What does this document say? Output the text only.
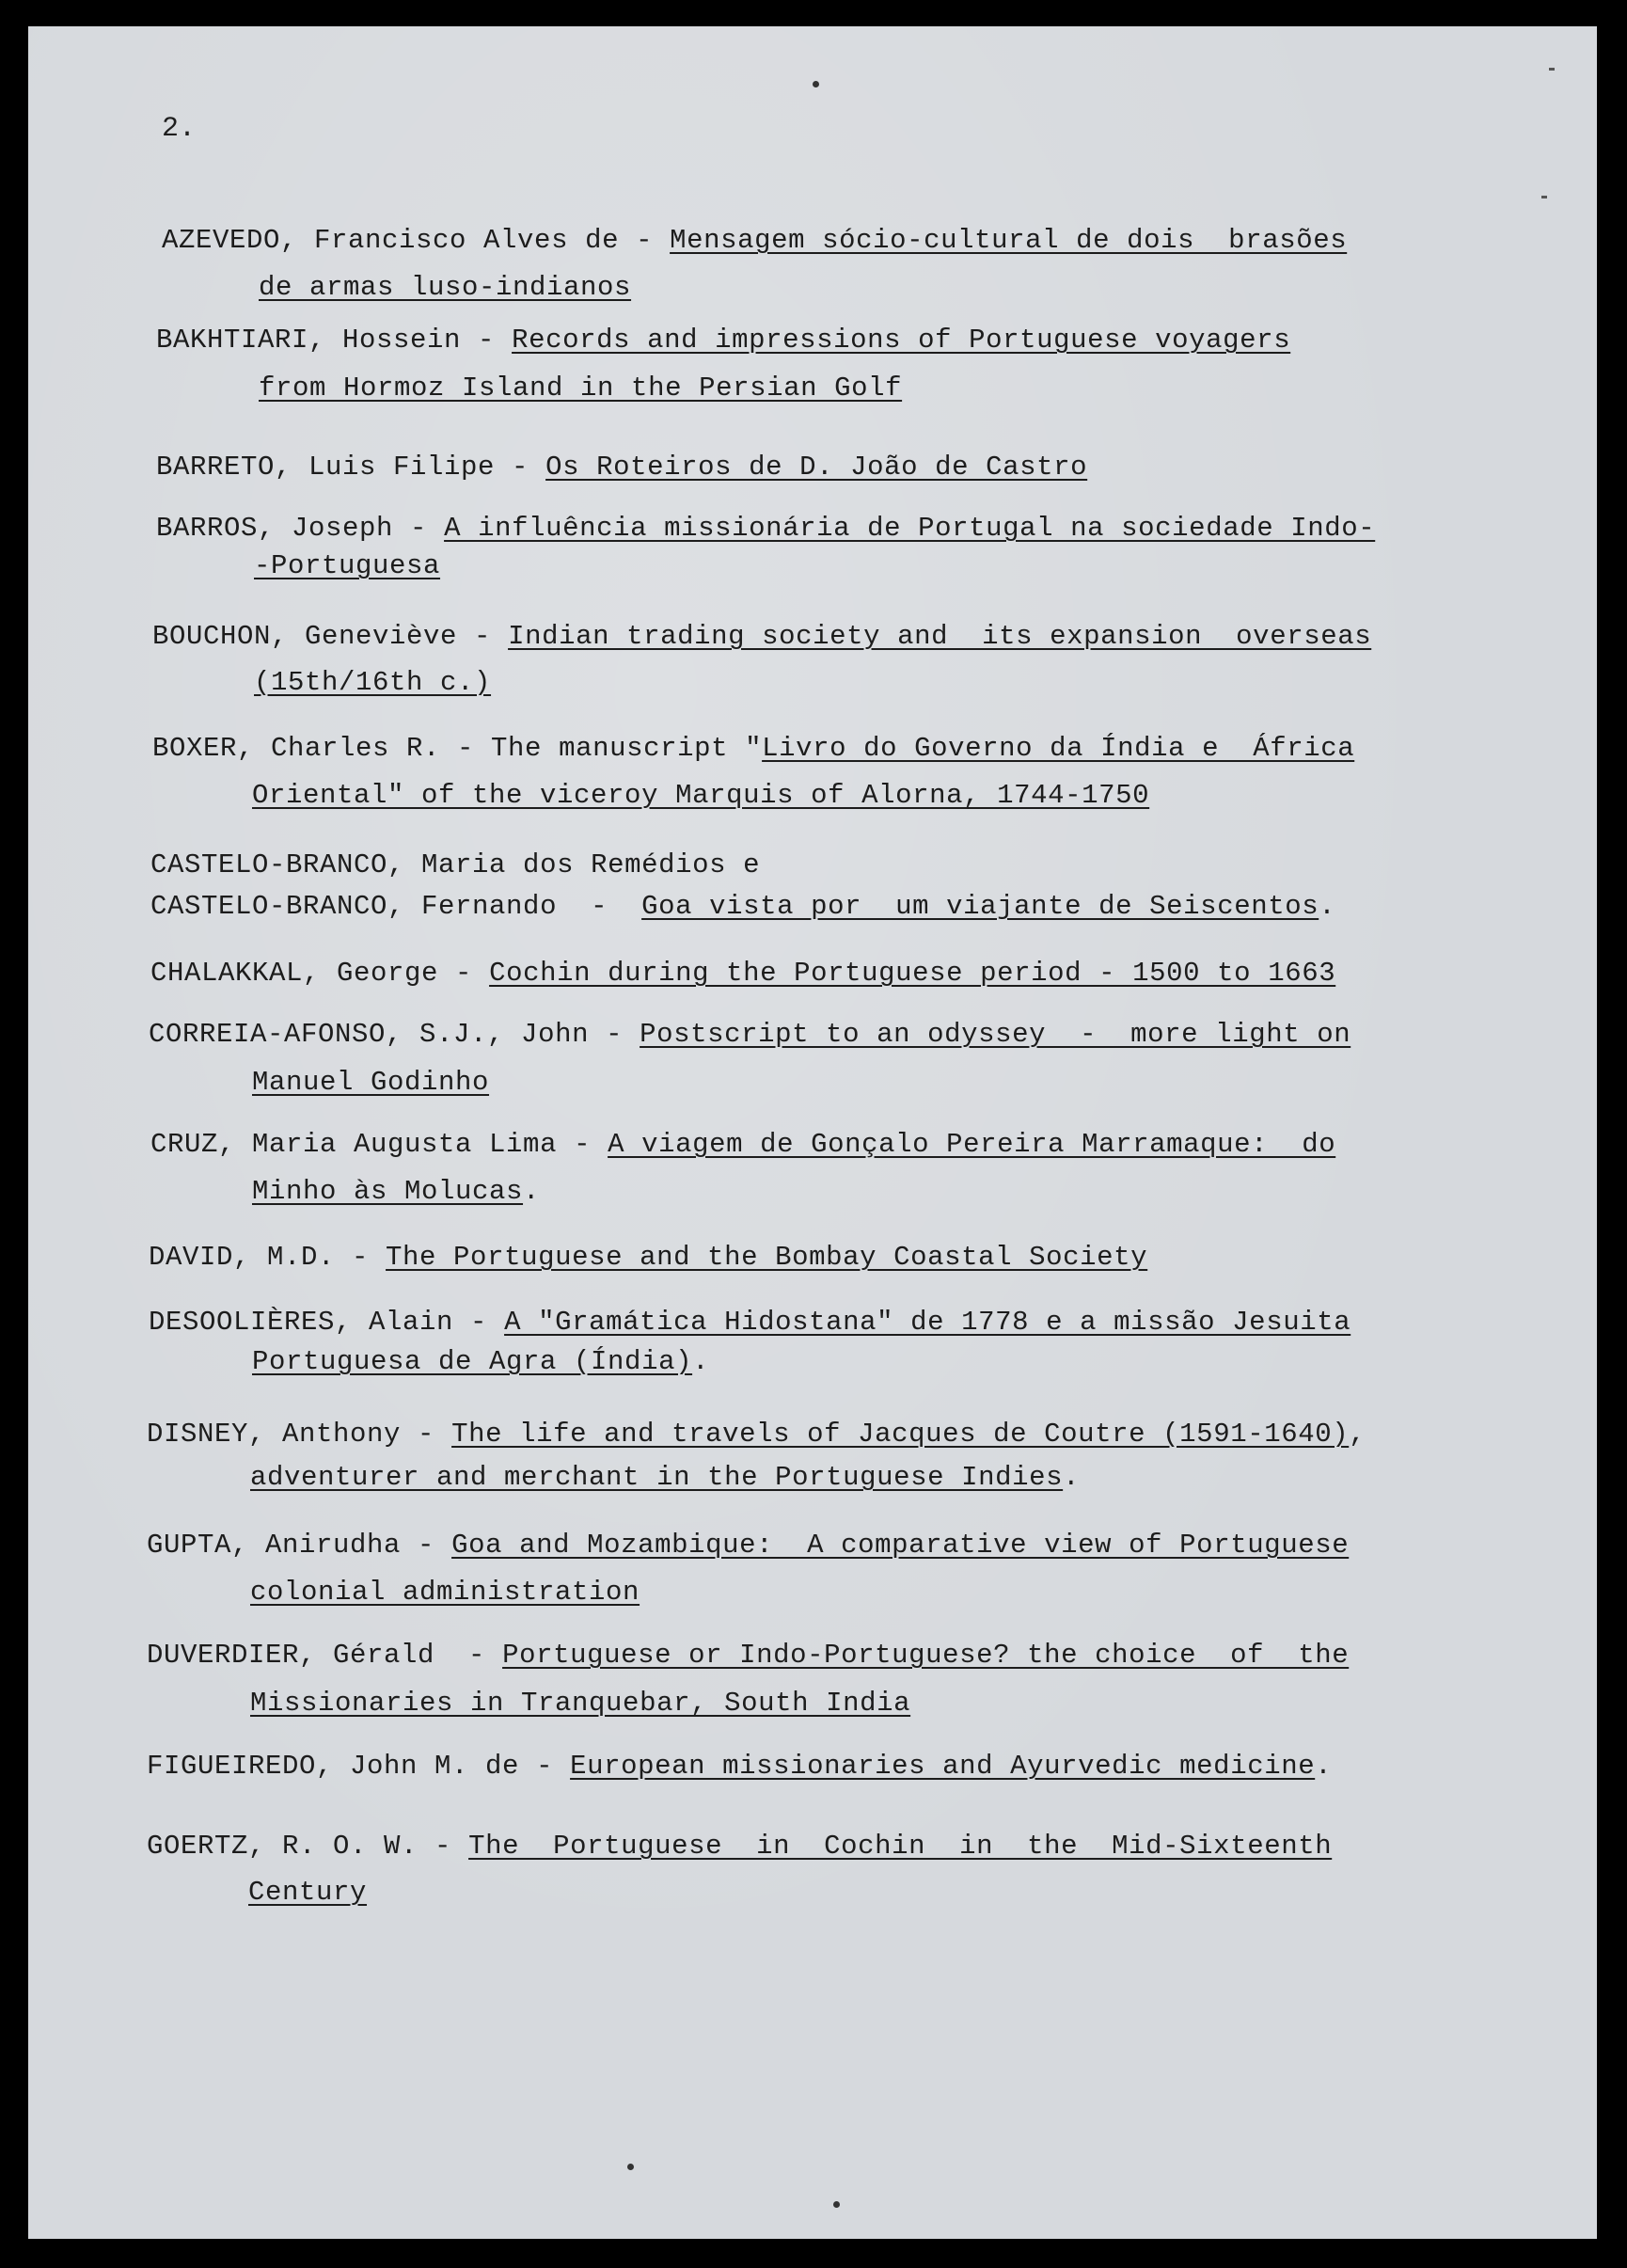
2.
AZEVEDO, Francisco Alves de - Mensagem sócio-cultural de dois  brasões
de armas luso-indianos
BAKHTIARI, Hossein - Records and impressions of Portuguese voyagers
from Hormoz Island in the Persian Golf
BARRETO, Luis Filipe - Os Roteiros de D. João de Castro
BARROS, Joseph - A influência missionária de Portugal na sociedade Indo-
-Portuguesa
BOUCHON, Geneviève - Indian trading society and  its expansion  overseas
(15th/16th c.)
BOXER, Charles R. - The manuscript "Livro do Governo da Índia e  África
Oriental" of the viceroy Marquis of Alorna, 1744-1750
CASTELO-BRANCO, Maria dos Remédios e
CASTELO-BRANCO, Fernando  -  Goa vista por  um viajante de Seiscentos.
CHALAKKAL, George - Cochin during the Portuguese period - 1500 to 1663
CORREIA-AFONSO, S.J., John - Postscript to an odyssey  -  more light on
Manuel Godinho
CRUZ, Maria Augusta Lima - A viagem de Gonçalo Pereira Marramaque:  do
Minho às Molucas.
DAVID, M.D. - The Portuguese and the Bombay Coastal Society
DESOOLIÈRES, Alain - A "Gramática Hidostana" de 1778 e a missão Jesuita
Portuguesa de Agra (Índia).
DISNEY, Anthony - The life and travels of Jacques de Coutre (1591-1640),
adventurer and merchant in the Portuguese Indies.
GUPTA, Anirudha - Goa and Mozambique:  A comparative view of Portuguese
colonial administration
DUVERDIER, Gérald  - Portuguese or Indo-Portuguese? the choice  of  the
Missionaries in Tranquebar, South India
FIGUEIREDO, John M. de - European missionaries and Ayurvedic medicine.
GOERTZ, R. O. W. - The  Portuguese  in  Cochin  in  the  Mid-Sixteenth
Century
